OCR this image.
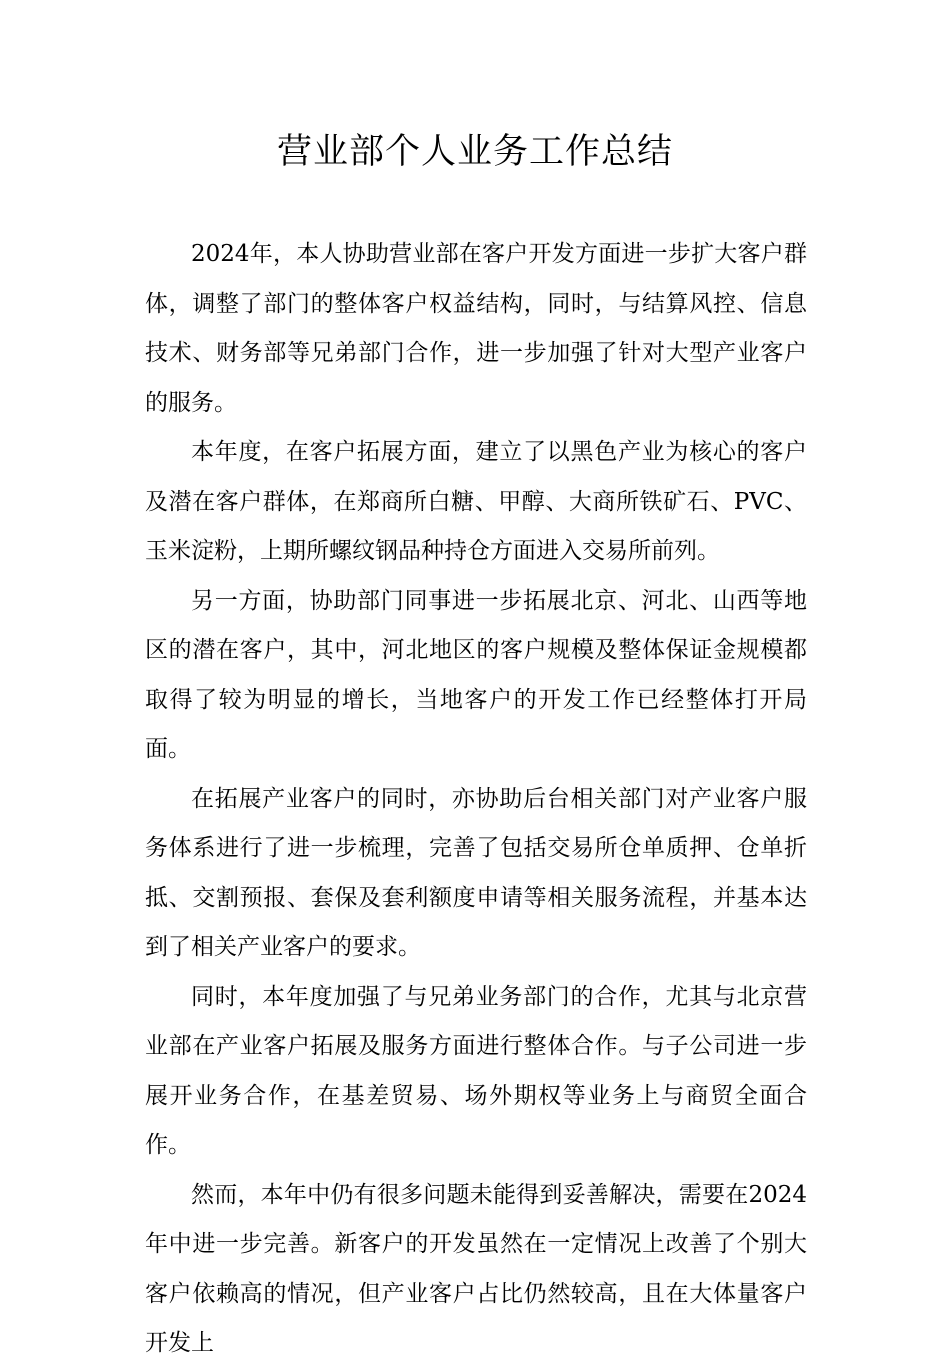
营业部个人业务工作总结

2024年，本人协助营业部在客户开发方面进一步扩大客户群体，调整了部门的整体客户权益结构，同时，与结算风控、信息技术、财务部等兄弟部门合作，进一步加强了针对大型产业客户的服务。

本年度，在客户拓展方面，建立了以黑色产业为核心的客户及潜在客户群体，在郑商所白糖、甲醇、大商所铁矿石、PVC、玉米淀粉，上期所螺纹钢品种持仓方面进入交易所前列。

另一方面，协助部门同事进一步拓展北京、河北、山西等地区的潜在客户，其中，河北地区的客户规模及整体保证金规模都取得了较为明显的增长，当地客户的开发工作已经整体打开局面。

在拓展产业客户的同时，亦协助后台相关部门对产业客户服务体系进行了进一步梳理，完善了包括交易所仓单质押、仓单折抵、交割预报、套保及套利额度申请等相关服务流程，并基本达到了相关产业客户的要求。

同时，本年度加强了与兄弟业务部门的合作，尤其与北京营业部在产业客户拓展及服务方面进行整体合作。与子公司进一步展开业务合作，在基差贸易、场外期权等业务上与商贸全面合作。

然而，本年中仍有很多问题未能得到妥善解决，需要在2024年中进一步完善。新客户的开发虽然在一定情况上改善了个别大客户依赖高的情况，但产业客户占比仍然较高，且在大体量客户开发上
